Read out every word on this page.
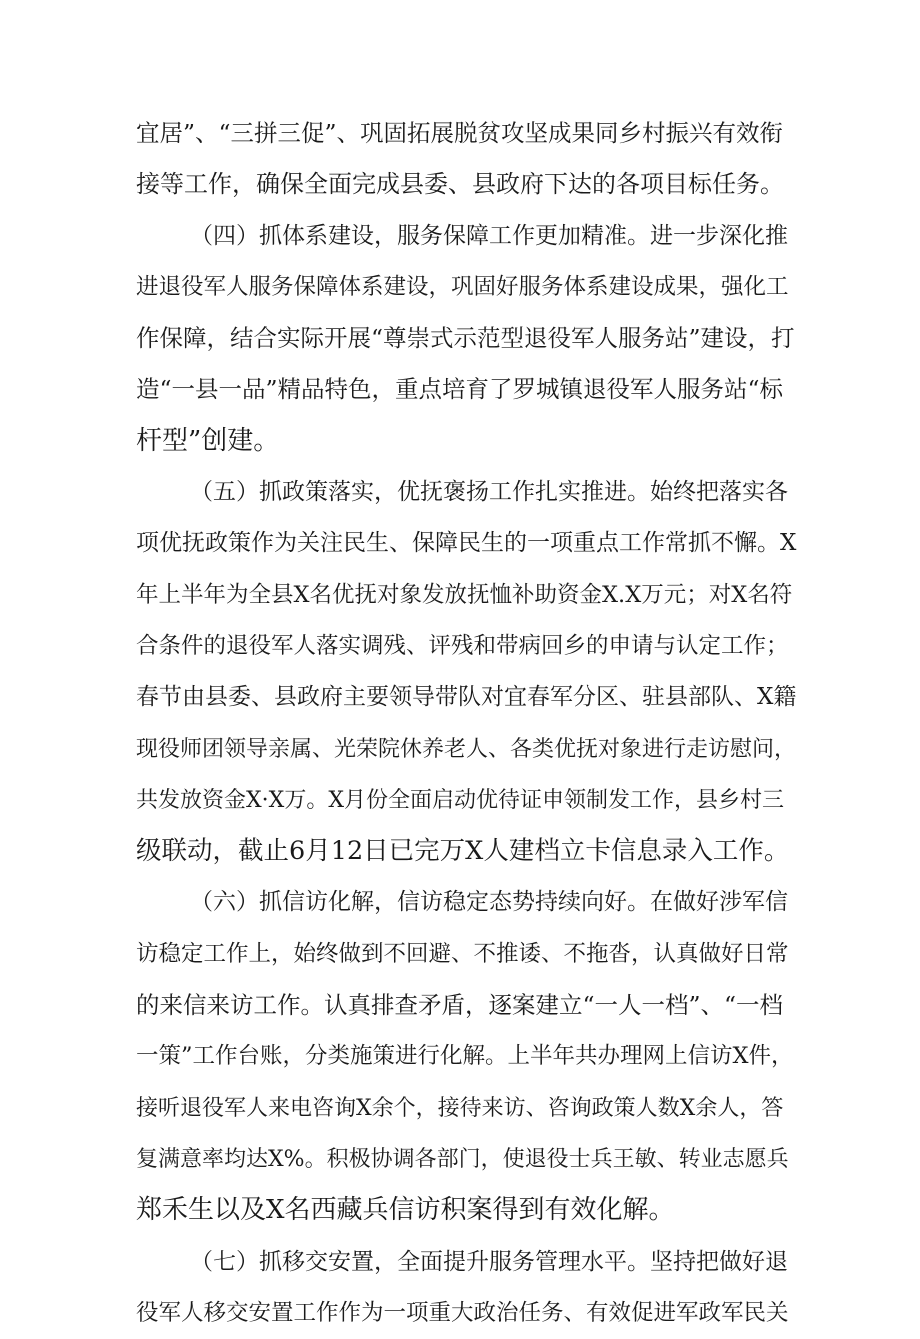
宜居”、“三拼三促”、巩固拓展脱贫攻坚成果同乡村振兴有效衔
接等工作，确保全面完成县委、县政府下达的各项目标任务。
（四）抓体系建设，服务保障工作更加精准。进一步深化推
进退役军人服务保障体系建设，巩固好服务体系建设成果，强化工
作保障，结合实际开展“尊崇式示范型退役军人服务站”建设，打
造“一县一品”精品特色，重点培育了罗城镇退役军人服务站“标
杆型”创建。
（五）抓政策落实，优抚褒扬工作扎实推进。始终把落实各
项优抚政策作为关注民生、保障民生的一项重点工作常抓不懈。X
年上半年为全县X名优抚对象发放抚恤补助资金X.X万元；对X名符
合条件的退役军人落实调残、评残和带病回乡的申请与认定工作；
春节由县委、县政府主要领导带队对宜春军分区、驻县部队、X籍
现役师团领导亲属、光荣院休养老人、各类优抚对象进行走访慰问，
共发放资金X·X万。X月份全面启动优待证申领制发工作，县乡村三
级联动，截止6月12日已完万X人建档立卡信息录入工作。
（六）抓信访化解，信访稳定态势持续向好。在做好涉军信
访稳定工作上，始终做到不回避、不推诿、不拖沓，认真做好日常
的来信来访工作。认真排查矛盾，逐案建立“一人一档”、“一档
一策”工作台账，分类施策进行化解。上半年共办理网上信访X件，
接听退役军人来电咨询X余个，接待来访、咨询政策人数X余人，答
复满意率均达X%。积极协调各部门，使退役士兵王敏、转业志愿兵
郑禾生以及X名西藏兵信访积案得到有效化解。
（七）抓移交安置，全面提升服务管理水平。坚持把做好退
役军人移交安置工作作为一项重大政治任务、有效促进军政军民关
